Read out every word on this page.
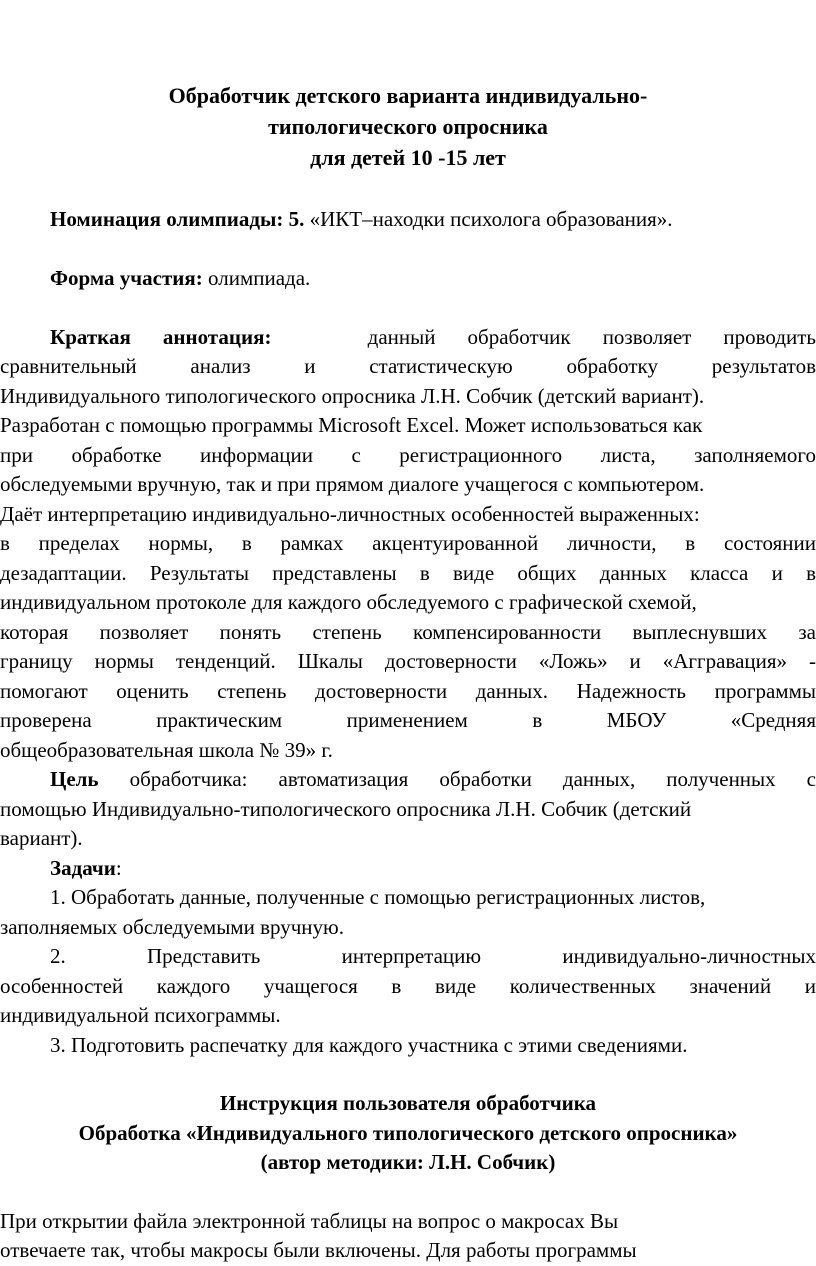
Обработчик детского варианта индивидуально-
типологического опросника
для детей 10 -15 лет
Номинация олимпиады: 5. «ИКТ–находки психолога образования».
Форма участия: олимпиада.
Краткая аннотация:	данный обработчик позволяет проводить
сравнительный анализ и статистическую обработку результатов
Индивидуального типологического опросника Л.Н. Собчик (детский вариант).
Разработан с помощью программы Microsoft Excel. Может использоваться как
при обработке информации с регистрационного листа, заполняемого
обследуемыми вручную, так и при прямом диалоге учащегося с компьютером.
Даёт интерпретацию индивидуально-личностных особенностей выраженных:
в пределах нормы, в рамках акцентуированной личности, в состоянии
дезадаптации. Результаты представлены в виде общих данных класса и в
индивидуальном протоколе для каждого обследуемого с графической схемой,
которая позволяет понять степень компенсированности выплеснувших за
границу нормы тенденций. Шкалы достоверности «Ложь» и «Аггравация» -
помогают оценить степень достоверности данных. Надежность программы
проверена практическим применением в МБОУ «Средняя
общеобразовательная школа № 39» г.
Цель обработчика: автоматизация обработки данных, полученных с
помощью Индивидуально-типологического опросника Л.Н. Собчик (детский
вариант).
Задачи:
1. Обработать данные, полученные с помощью регистрационных листов,
заполняемых обследуемыми вручную.
2. Представить интерпретацию индивидуально-личностных
особенностей каждого учащегося в виде количественных значений и
индивидуальной психограммы.
3. Подготовить распечатку для каждого участника с этими сведениями.
Инструкция пользователя обработчика
Обработка «Индивидуального типологического детского опросника»
(автор методики: Л.Н. Собчик)
При открытии файла электронной таблицы на вопрос о макросах Вы
отвечаете так, чтобы макросы были включены. Для работы программы
